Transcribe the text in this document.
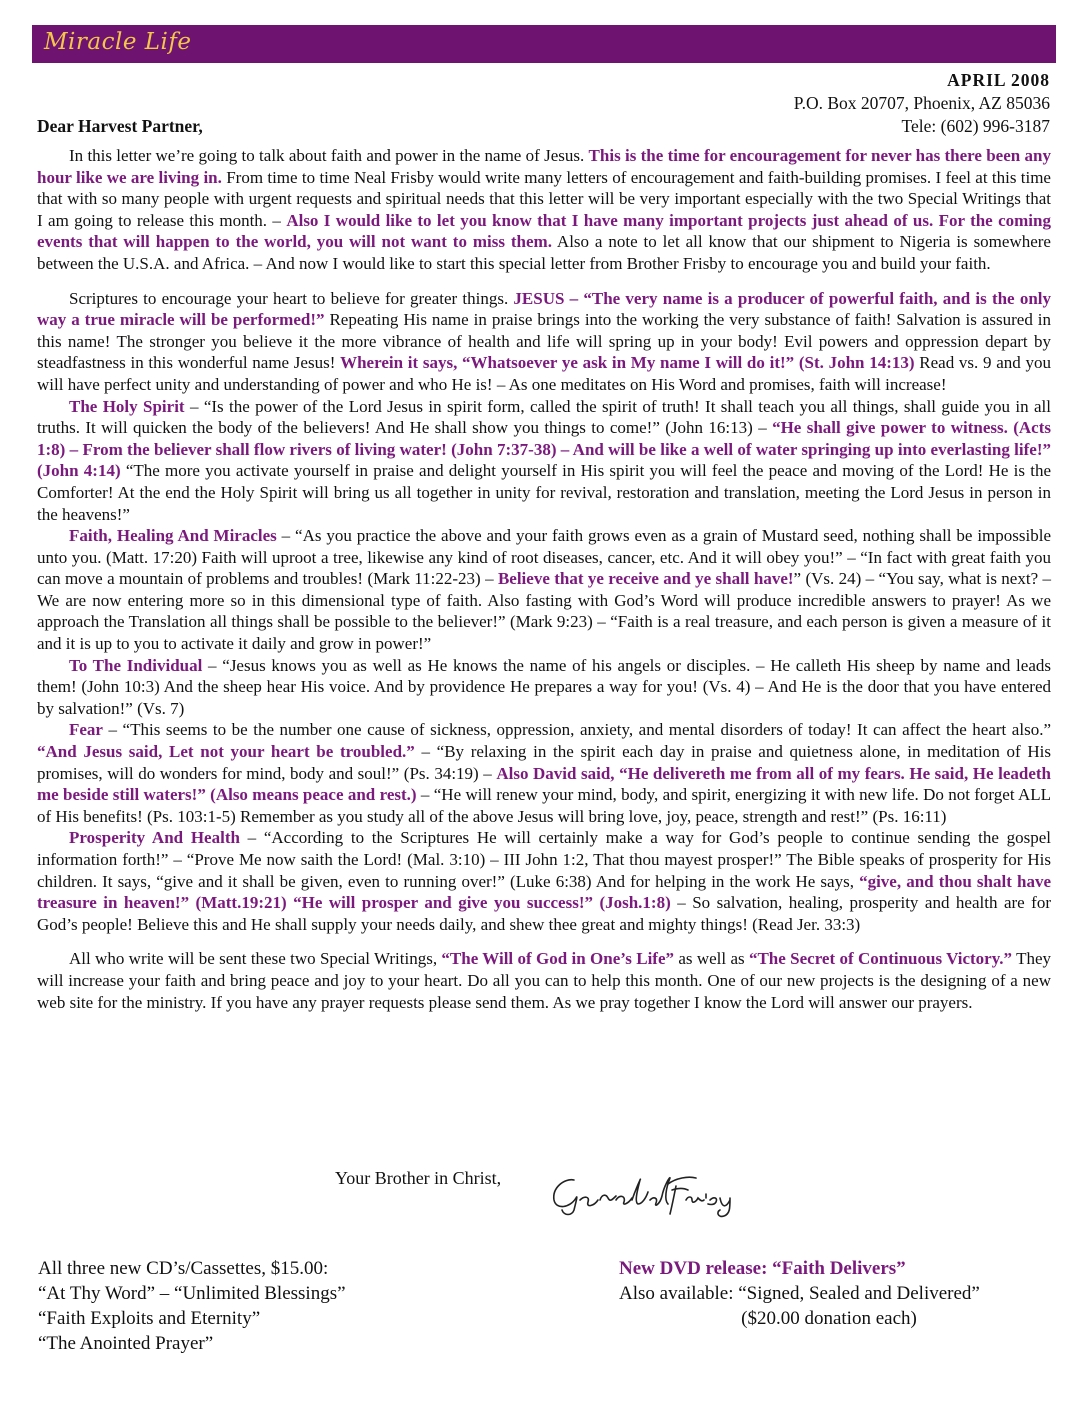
Miracle Life
APRIL 2008
P.O. Box 20707, Phoenix, AZ 85036
Tele: (602) 996-3187
Dear Harvest Partner,

In this letter we’re going to talk about faith and power in the name of Jesus. This is the time for encouragement for never has there been any hour like we are living in. From time to time Neal Frisby would write many letters of encouragement and faith-building promises. I feel at this time that with so many people with urgent requests and spiritual needs that this letter will be very important especially with the two Special Writings that I am going to release this month. – Also I would like to let you know that I have many important projects just ahead of us. For the coming events that will happen to the world, you will not want to miss them. Also a note to let all know that our shipment to Nigeria is somewhere between the U.S.A. and Africa. – And now I would like to start this special letter from Brother Frisby to encourage you and build your faith.

Scriptures to encourage your heart to believe for greater things. JESUS – “The very name is a producer of powerful faith, and is the only way a true miracle will be performed!” Repeating His name in praise brings into the working the very substance of faith! Salvation is assured in this name! The stronger you believe it the more vibrance of health and life will spring up in your body! Evil powers and oppression depart by steadfastness in this wonderful name Jesus! Wherein it says, “Whatsoever ye ask in My name I will do it!” (St. John 14:13) Read vs. 9 and you will have perfect unity and understanding of power and who He is! – As one meditates on His Word and promises, faith will increase!

The Holy Spirit – “Is the power of the Lord Jesus in spirit form, called the spirit of truth! It shall teach you all things, shall guide you in all truths. It will quicken the body of the believers! And He shall show you things to come!” (John 16:13) – “He shall give power to witness. (Acts 1:8) – From the believer shall flow rivers of living water! (John 7:37-38) – And will be like a well of water springing up into everlasting life!” (John 4:14) “The more you activate yourself in praise and delight yourself in His spirit you will feel the peace and moving of the Lord! He is the Comforter! At the end the Holy Spirit will bring us all together in unity for revival, restoration and translation, meeting the Lord Jesus in person in the heavens!”

Faith, Healing And Miracles – “As you practice the above and your faith grows even as a grain of Mustard seed, nothing shall be impossible unto you. (Matt. 17:20) Faith will uproot a tree, likewise any kind of root diseases, cancer, etc. And it will obey you!” – “In fact with great faith you can move a mountain of problems and troubles! (Mark 11:22-23) – Believe that ye receive and ye shall have!” (Vs. 24) – “You say, what is next? – We are now entering more so in this dimensional type of faith. Also fasting with God’s Word will produce incredible answers to prayer! As we approach the Translation all things shall be possible to the believer!” (Mark 9:23) – “Faith is a real treasure, and each person is given a measure of it and it is up to you to activate it daily and grow in power!”

To The Individual – “Jesus knows you as well as He knows the name of his angels or disciples. – He calleth His sheep by name and leads them! (John 10:3) And the sheep hear His voice. And by providence He prepares a way for you! (Vs. 4) – And He is the door that you have entered by salvation!” (Vs. 7)

Fear – “This seems to be the number one cause of sickness, oppression, anxiety, and mental disorders of today! It can affect the heart also.” “And Jesus said, Let not your heart be troubled.” – “By relaxing in the spirit each day in praise and quietness alone, in meditation of His promises, will do wonders for mind, body and soul!” (Ps. 34:19) – Also David said, “He delivereth me from all of my fears. He said, He leadeth me beside still waters!” (Also means peace and rest.) – “He will renew your mind, body, and spirit, energizing it with new life. Do not forget ALL of His benefits! (Ps. 103:1-5) Remember as you study all of the above Jesus will bring love, joy, peace, strength and rest!” (Ps. 16:11)

Prosperity And Health – “According to the Scriptures He will certainly make a way for God’s people to continue sending the gospel information forth!” – “Prove Me now saith the Lord! (Mal. 3:10) – III John 1:2, That thou mayest prosper!” The Bible speaks of prosperity for His children. It says, “give and it shall be given, even to running over!” (Luke 6:38) And for helping in the work He says, “give, and thou shalt have treasure in heaven!” (Matt.19:21) “He will prosper and give you success!” (Josh.1:8) – So salvation, healing, prosperity and health are for God’s people! Believe this and He shall supply your needs daily, and shew thee great and mighty things! (Read Jer. 33:3)

All who write will be sent these two Special Writings, “The Will of God in One’s Life” as well as “The Secret of Continuous Victory.” They will increase your faith and bring peace and joy to your heart. Do all you can to help this month. One of our new projects is the designing of a new web site for the ministry. If you have any prayer requests please send them. As we pray together I know the Lord will answer our prayers.

Your Brother in Christ,	Gerald Frisby
All three new CD’s/Cassettes, $15.00:
“At Thy Word” – “Unlimited Blessings”
“Faith Exploits and Eternity”
“The Anointed Prayer”
New DVD release: “Faith Delivers”
Also available: “Signed, Sealed and Delivered”
($20.00 donation each)
